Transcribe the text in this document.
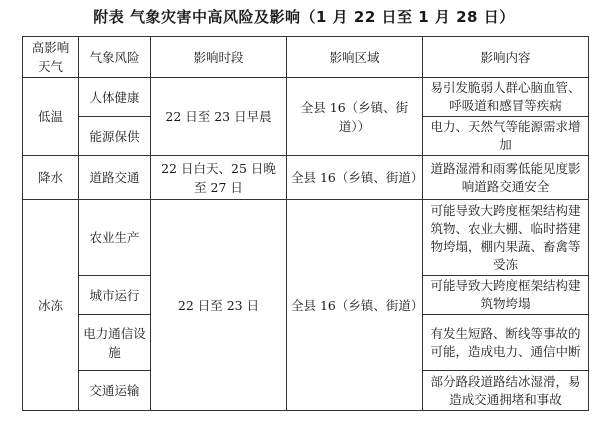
附表 气象灾害中高风险及影响（1 月 22 日至 1 月 28 日）
高影响天气	气象风险	影响时段	影响区域	影响内容
低温	人体健康	22 日至 23 日早晨	全县 16（乡镇、街道））	易引发脆弱人群心脑血管、呼吸道和感冒等疾病
	能源保供			电力、天然气等能源需求增加
降水	道路交通	22 日白天、25 日晚至 27 日	全县 16（乡镇、街道）	道路湿滑和雨雾低能见度影响道路交通安全
冰冻	农业生产	22 日至 23 日	全县 16（乡镇、街道）	可能导致大跨度框架结构建筑物、农业大棚、临时搭建物垮塌，棚内果蔬、畜禽等受冻
	城市运行			可能导致大跨度框架结构建筑物垮塌
	电力通信设施			有发生短路、断线等事故的可能，造成电力、通信中断
	交通运输			部分路段道路结冰湿滑，易造成交通拥堵和事故
